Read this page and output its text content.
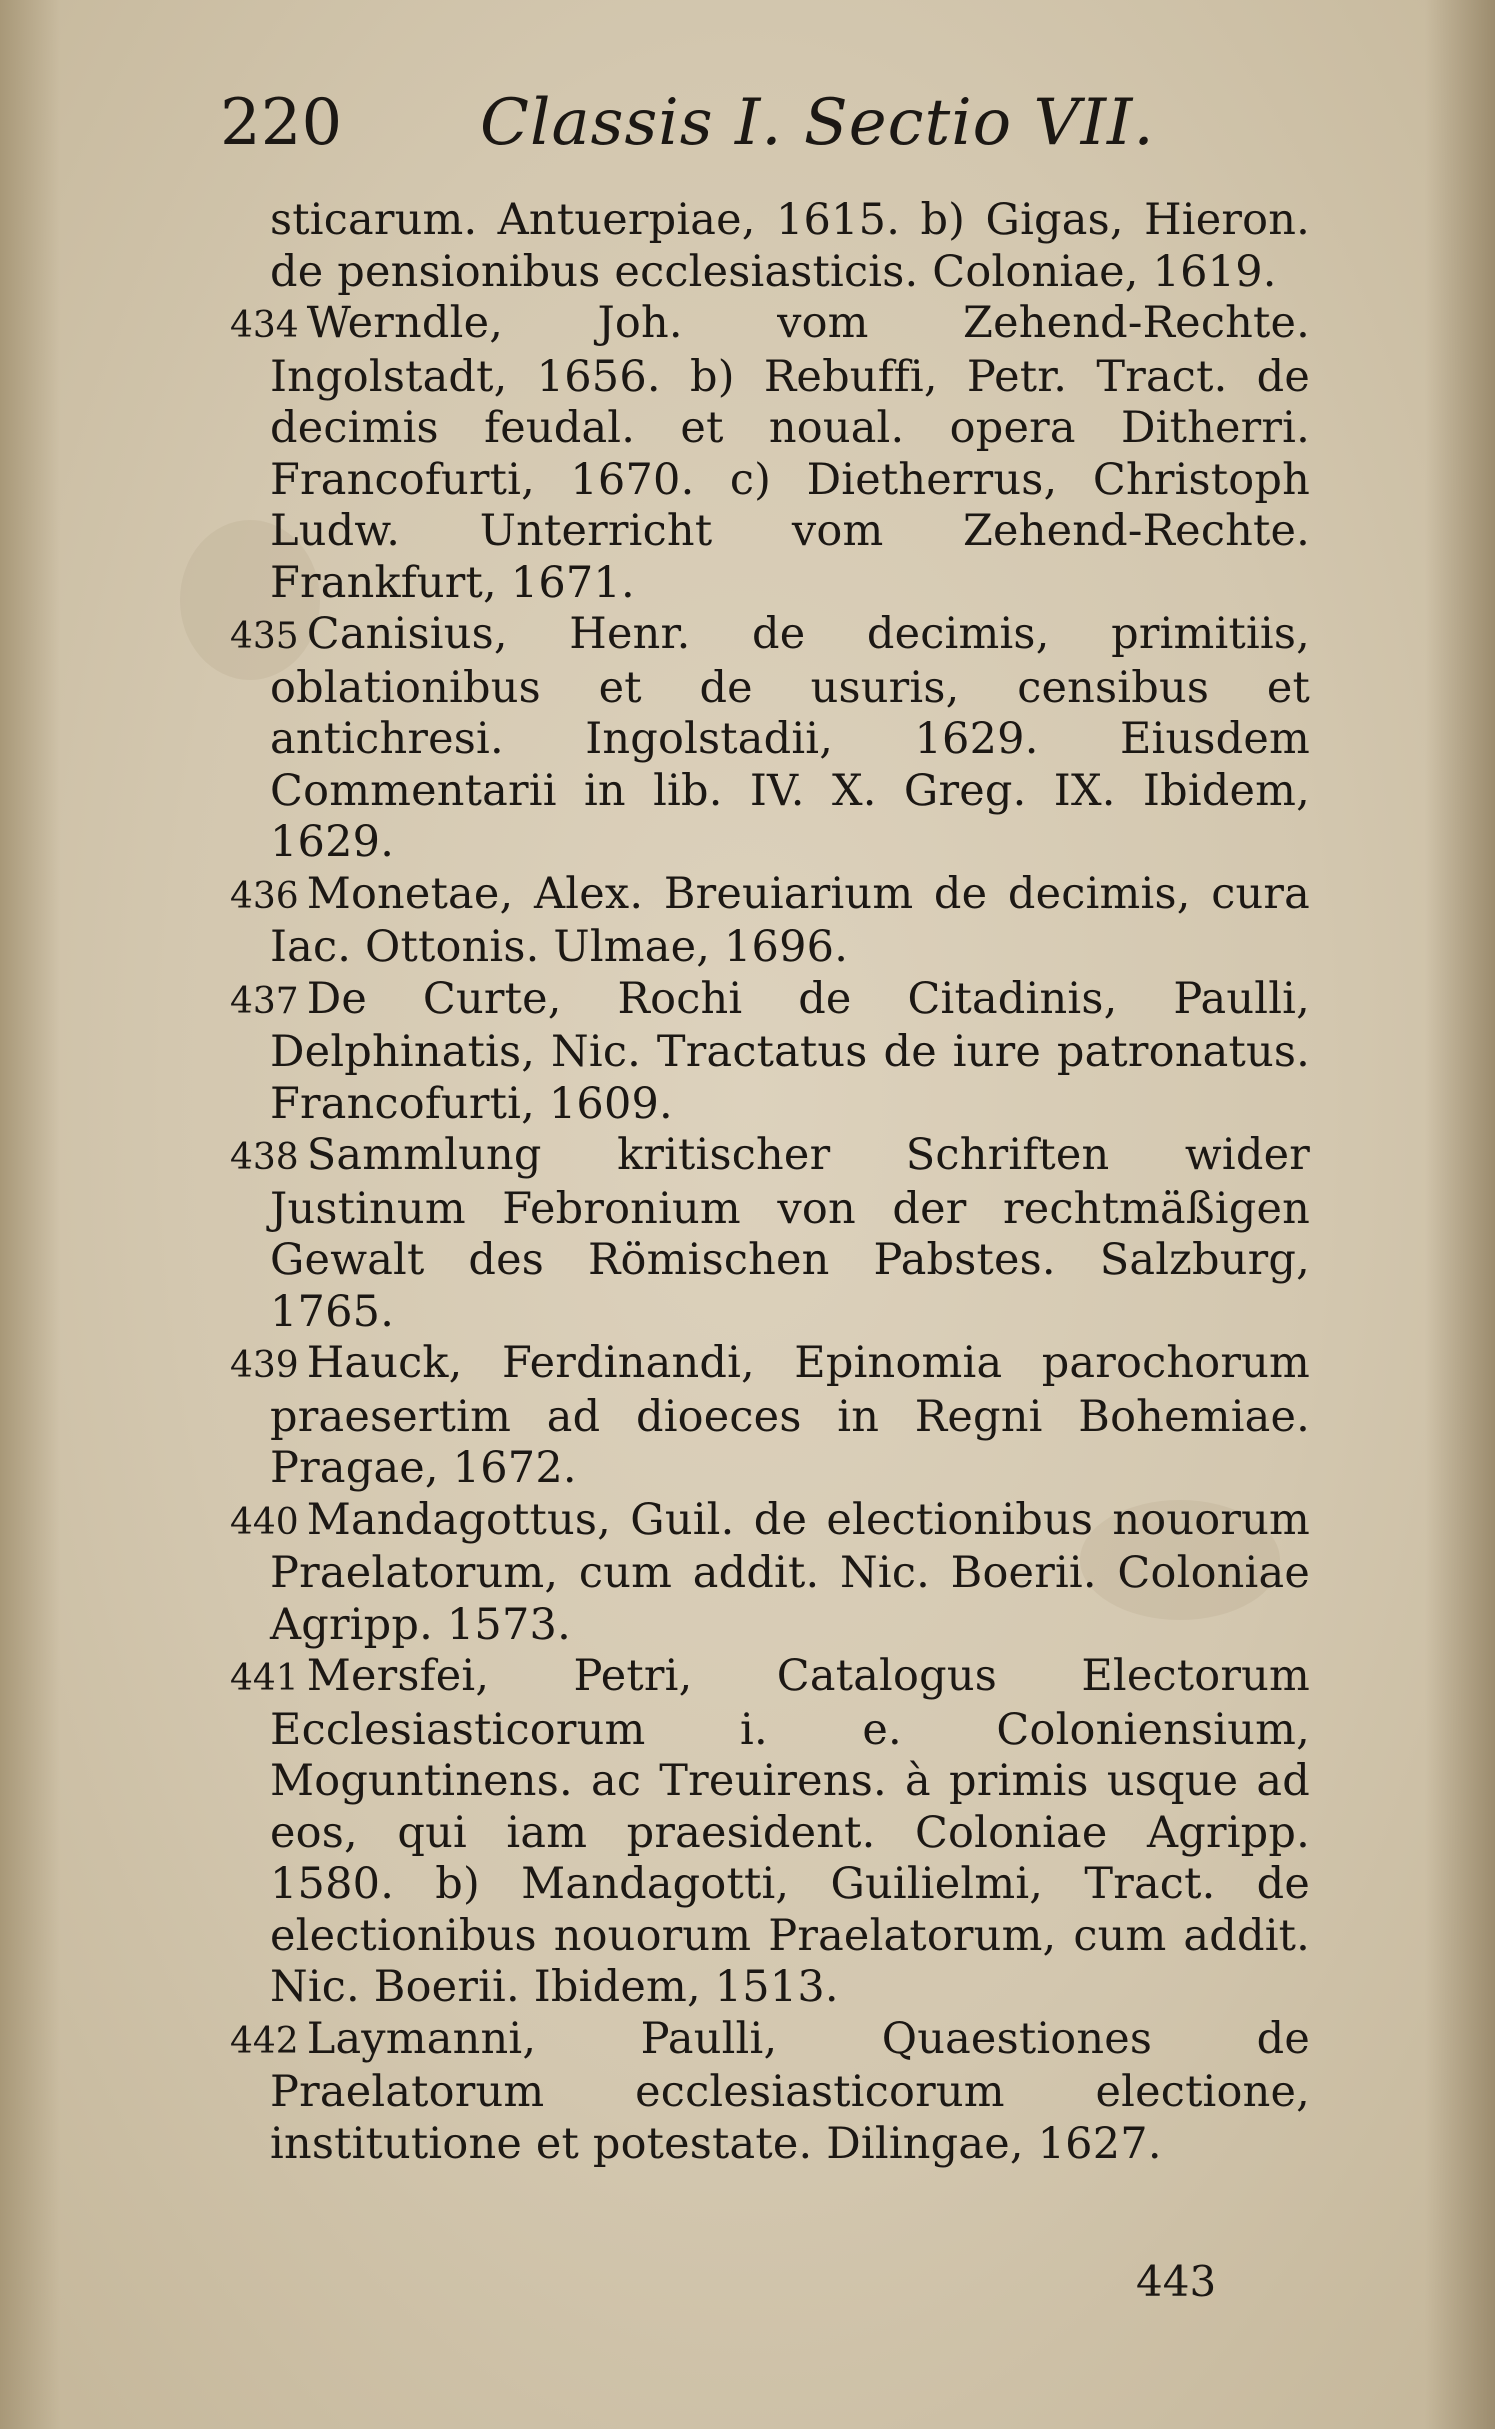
220 Classis I. Sectio VII.

sticarum. Antuerpiae, 1615. b) Gigas, Hieron. de pensionibus ecclesiasticis. Coloniae, 1619.

434 Werndle, Joh. vom Zehend-Rechte. Ingolstadt, 1656. b) Rebuffi, Petr. Tract. de decimis feudal. et noual. opera Ditherri. Francofurti, 1670. c) Dietherrus, Christoph Ludw. Unterricht vom Zehend-Rechte. Frankfurt, 1671.

435 Canisius, Henr. de decimis, primitiis, oblationibus et de usuris, censibus et antichresi. Ingolstadii, 1629. Eiusdem Commentarii in lib. IV. X. Greg. IX. Ibidem, 1629.

436 Monetae, Alex. Breuiarium de decimis, cura Iac. Ottonis. Ulmae, 1696.

437 De Curte, Rochi de Citadinis, Paulli, Delphinatis, Nic. Tractatus de iure patronatus. Francofurti, 1609.

438 Sammlung kritischer Schriften wider Justinum Febronium von der rechtmäßigen Gewalt des Römischen Pabstes. Salzburg, 1765.

439 Hauck, Ferdinandi, Epinomia parochorum praesertim ad dioeces in Regni Bohemiae. Pragae, 1672.

440 Mandagottus, Guil. de electionibus nouorum Praelatorum, cum addit. Nic. Boerii. Coloniae Agripp. 1573.

441 Mersfei, Petri, Catalogus Electorum Ecclesiasticorum i. e. Coloniensium, Moguntinens. ac Treuirens. à primis usque ad eos, qui iam praesident. Coloniae Agripp. 1580. b) Mandagotti, Guilielmi, Tract. de electionibus nouorum Praelatorum, cum addit. Nic. Boerii. Ibidem, 1513.

442 Laymanni, Paulli, Quaestiones de Praelatorum ecclesiasticorum electione, institutione et potestate. Dilingae, 1627.

443
